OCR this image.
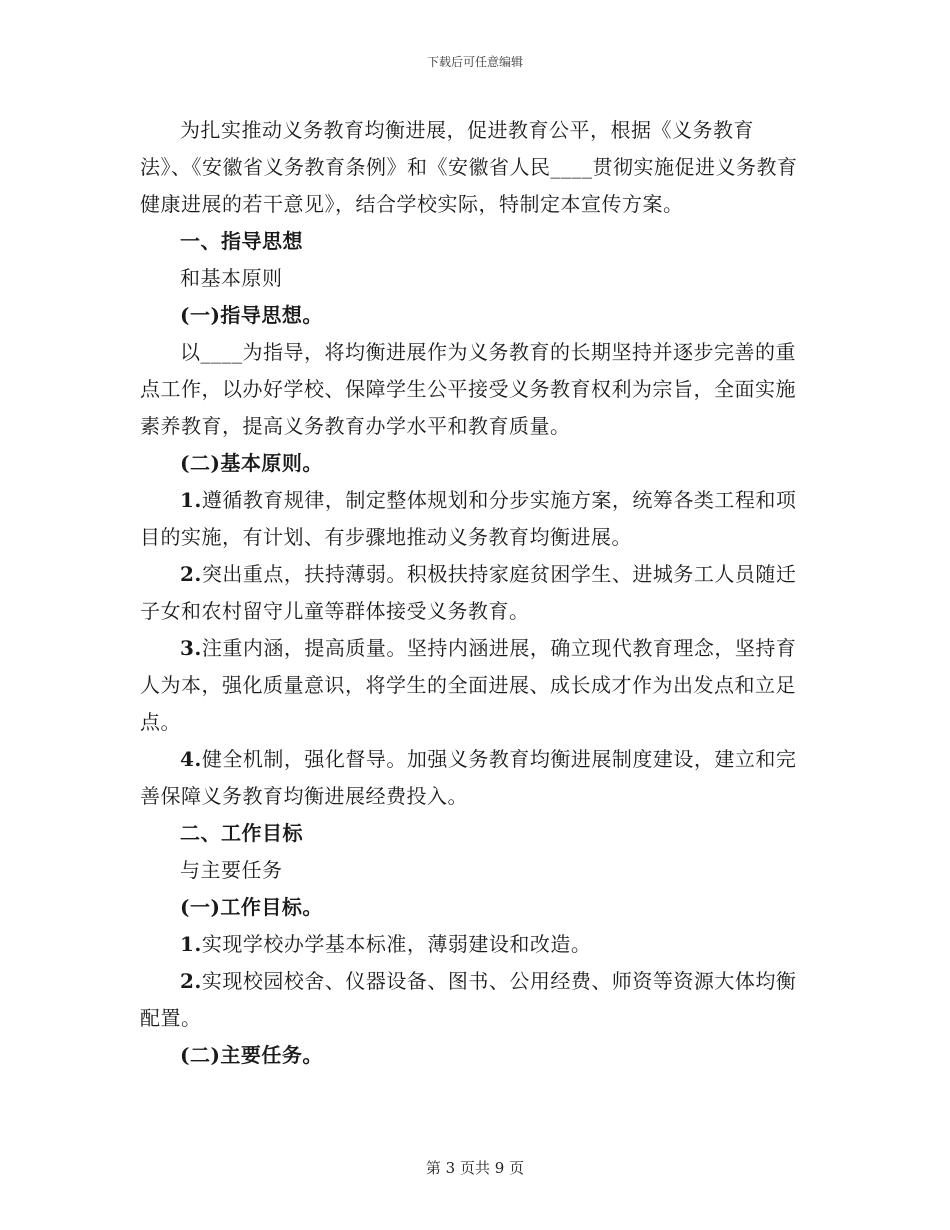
下载后可任意编辑

为扎实推动义务教育均衡进展，促进教育公平，根据《义务教育法》、《安徽省义务教育条例》和《安徽省人民____贯彻实施促进义务教育健康进展的若干意见》，结合学校实际，特制定本宣传方案。

一、指导思想

和基本原则

(一)指导思想。

以____为指导，将均衡进展作为义务教育的长期坚持并逐步完善的重点工作，以办好学校、保障学生公平接受义务教育权利为宗旨，全面实施素养教育，提高义务教育办学水平和教育质量。

(二)基本原则。

1.遵循教育规律，制定整体规划和分步实施方案，统筹各类工程和项目的实施，有计划、有步骤地推动义务教育均衡进展。

2.突出重点，扶持薄弱。积极扶持家庭贫困学生、进城务工人员随迁子女和农村留守儿童等群体接受义务教育。

3.注重内涵，提高质量。坚持内涵进展，确立现代教育理念，坚持育人为本，强化质量意识，将学生的全面进展、成长成才作为出发点和立足点。

4.健全机制，强化督导。加强义务教育均衡进展制度建设，建立和完善保障义务教育均衡进展经费投入。

二、工作目标

与主要任务

(一)工作目标。

1.实现学校办学基本标准，薄弱建设和改造。

2.实现校园校舍、仪器设备、图书、公用经费、师资等资源大体均衡配置。

(二)主要任务。

第 3 页共 9 页
